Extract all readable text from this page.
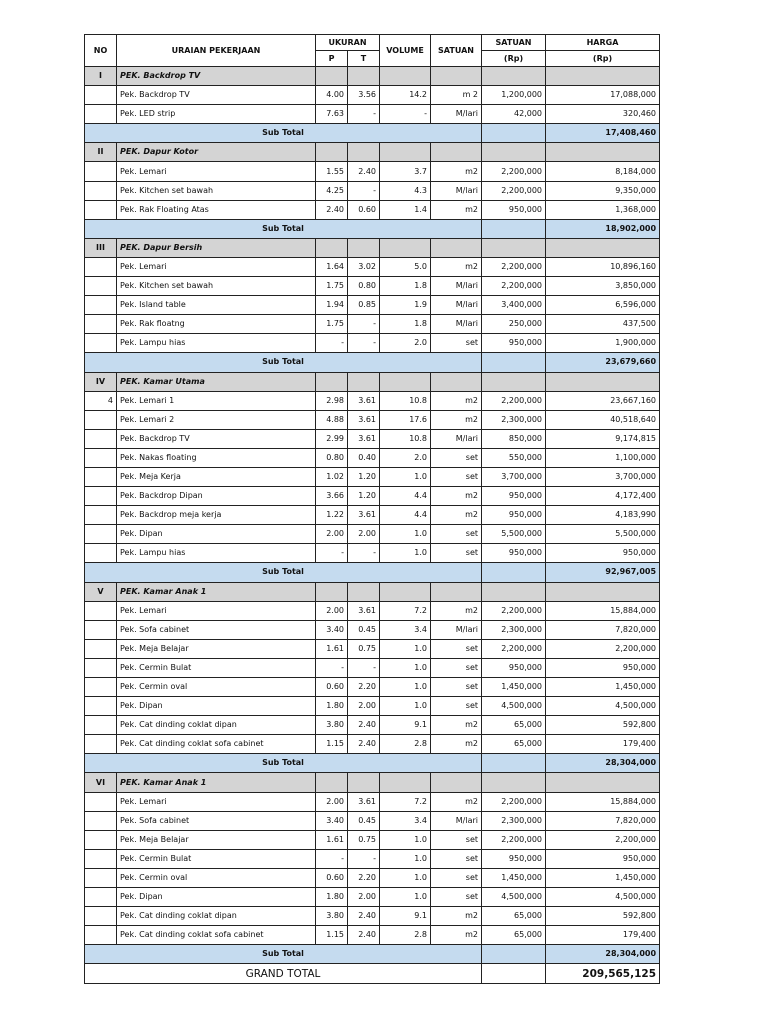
NO	URAIAN PEKERJAAN	UKURAN		VOLUME	SATUAN	SATUAN	HARGA
		P	T			(Rp)	(Rp)
I	PEK. Backdrop TV						
	Pek. Backdrop TV	4.00	3.56	14.2	m 2	1,200,000	17,088,000
	Pek. LED strip	7.63	-	-	M/lari	42,000	320,460
Sub Total							17,408,460
II	PEK. Dapur Kotor						
	Pek. Lemari	1.55	2.40	3.7	m2	2,200,000	8,184,000
	Pek. Kitchen set bawah	4.25	-	4.3	M/lari	2,200,000	9,350,000
	Pek. Rak Floating Atas	2.40	0.60	1.4	m2	950,000	1,368,000
Sub Total							18,902,000
III	PEK. Dapur Bersih						
	Pek. Lemari	1.64	3.02	5.0	m2	2,200,000	10,896,160
	Pek. Kitchen set bawah	1.75	0.80	1.8	M/lari	2,200,000	3,850,000
	Pek. Island table	1.94	0.85	1.9	M/lari	3,400,000	6,596,000
	Pek. Rak floatng	1.75	-	1.8	M/lari	250,000	437,500
	Pek. Lampu hias	-	-	2.0	set	950,000	1,900,000
Sub Total							23,679,660
IV	PEK. Kamar Utama						
4	Pek. Lemari 1	2.98	3.61	10.8	m2	2,200,000	23,667,160
	Pek. Lemari 2	4.88	3.61	17.6	m2	2,300,000	40,518,640
	Pek. Backdrop TV	2.99	3.61	10.8	M/lari	850,000	9,174,815
	Pek. Nakas floating	0.80	0.40	2.0	set	550,000	1,100,000
	Pek. Meja Kerja	1.02	1.20	1.0	set	3,700,000	3,700,000
	Pek. Backdrop Dipan	3.66	1.20	4.4	m2	950,000	4,172,400
	Pek. Backdrop meja kerja	1.22	3.61	4.4	m2	950,000	4,183,990
	Pek. Dipan	2.00	2.00	1.0	set	5,500,000	5,500,000
	Pek. Lampu hias	-	-	1.0	set	950,000	950,000
Sub Total							92,967,005
V	PEK. Kamar Anak 1						
	Pek. Lemari	2.00	3.61	7.2	m2	2,200,000	15,884,000
	Pek. Sofa cabinet	3.40	0.45	3.4	M/lari	2,300,000	7,820,000
	Pek. Meja Belajar	1.61	0.75	1.0	set	2,200,000	2,200,000
	Pek. Cermin Bulat	-	-	1.0	set	950,000	950,000
	Pek. Cermin oval	0.60	2.20	1.0	set	1,450,000	1,450,000
	Pek. Dipan	1.80	2.00	1.0	set	4,500,000	4,500,000
	Pek. Cat dinding coklat dipan	3.80	2.40	9.1	m2	65,000	592,800
	Pek. Cat dinding coklat sofa cabinet	1.15	2.40	2.8	m2	65,000	179,400
Sub Total							28,304,000
VI	PEK. Kamar Anak 1						
	Pek. Lemari	2.00	3.61	7.2	m2	2,200,000	15,884,000
	Pek. Sofa cabinet	3.40	0.45	3.4	M/lari	2,300,000	7,820,000
	Pek. Meja Belajar	1.61	0.75	1.0	set	2,200,000	2,200,000
	Pek. Cermin Bulat	-	-	1.0	set	950,000	950,000
	Pek. Cermin oval	0.60	2.20	1.0	set	1,450,000	1,450,000
	Pek. Dipan	1.80	2.00	1.0	set	4,500,000	4,500,000
	Pek. Cat dinding coklat dipan	3.80	2.40	9.1	m2	65,000	592,800
	Pek. Cat dinding coklat sofa cabinet	1.15	2.40	2.8	m2	65,000	179,400
Sub Total							28,304,000
GRAND TOTAL							209,565,125
